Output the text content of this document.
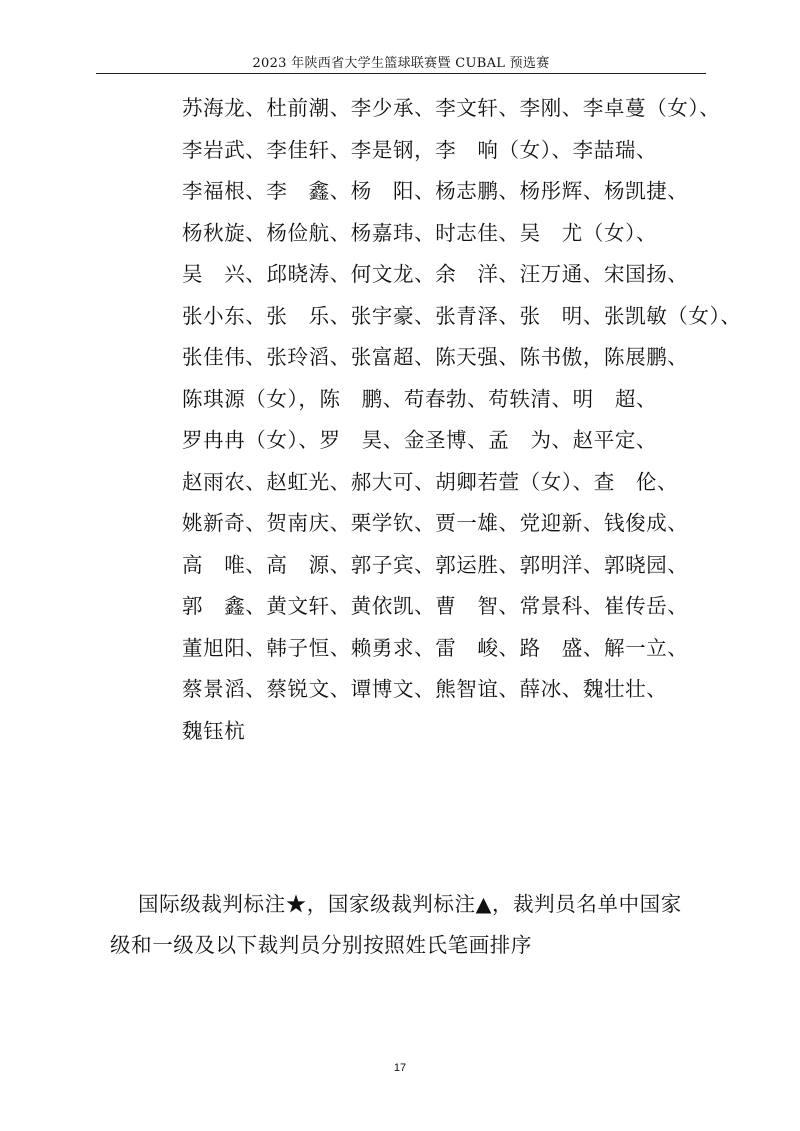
2023 年陕西省大学生篮球联赛暨 CUBAL 预选赛
苏海龙、杜前潮、李少承、李文轩、李刚、李卓蔓（女）、
李岩武、李佳轩、李是钢，李　响（女）、李喆瑞、
李福根、李　鑫、杨　阳、杨志鹏、杨彤辉、杨凯捷、
杨秋旋、杨俭航、杨嘉玮、时志佳、吴　尤（女）、
吴　兴、邱晓涛、何文龙、余　洋、汪万通、宋国扬、
张小东、张　乐、张宇豪、张青泽、张　明、张凯敏（女）、
张佳伟、张玲滔、张富超、陈天强、陈书傲，陈展鹏、
陈琪源（女），陈　鹏、苟春勃、苟轶清、明　超、
罗冉冉（女）、罗　昊、金圣博、孟　为、赵平定、
赵雨农、赵虹光、郝大可、胡卿若萱（女）、查　伦、
姚新奇、贺南庆、栗学钦、贾一雄、党迎新、钱俊成、
高　唯、高　源、郭子宾、郭运胜、郭明洋、郭晓园、
郭　鑫、黄文轩、黄依凯、曹　智、常景科、崔传岳、
董旭阳、韩子恒、赖勇求、雷　峻、路　盛、解一立、
蔡景滔、蔡锐文、谭博文、熊智谊、薛冰、魏壮壮、
魏钰杭
国际级裁判标注★，国家级裁判标注▲，裁判员名单中国家
级和一级及以下裁判员分别按照姓氏笔画排序
17
